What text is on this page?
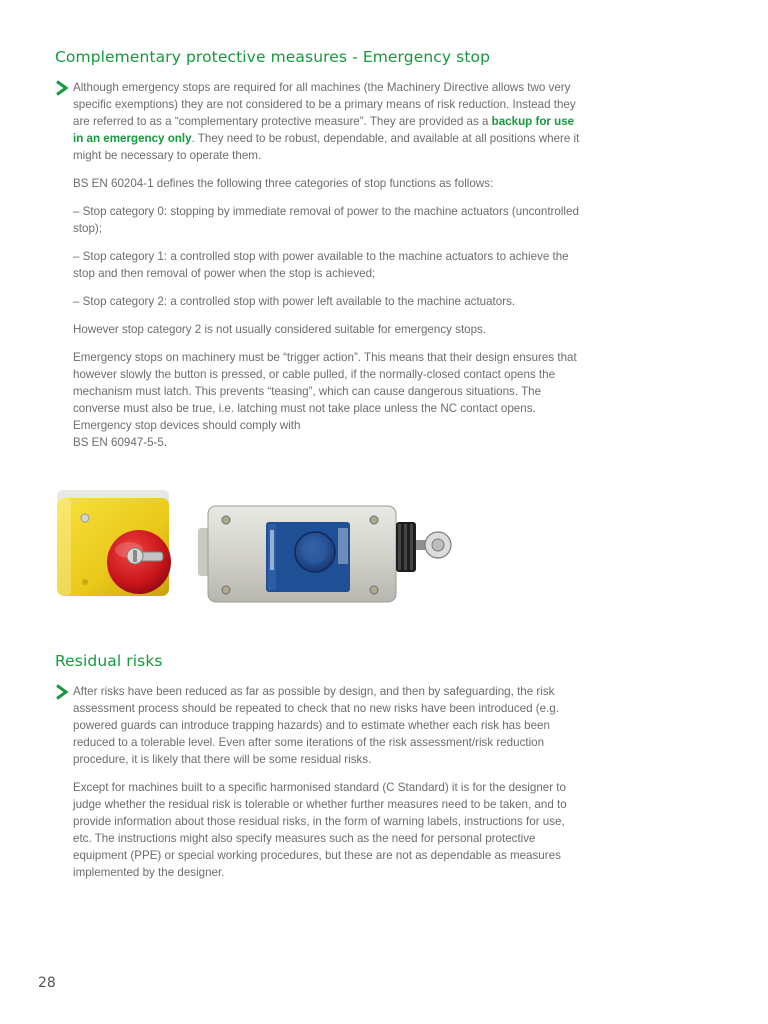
Complementary protective measures - Emergency stop

Although emergency stops are required for all machines (the Machinery Directive allows two very specific exemptions) they are not considered to be a primary means of risk reduction. Instead they are referred to as a “complementary protective measure”. They are provided as a backup for use in an emergency only. They need to be robust, dependable, and available at all positions where it might be necessary to operate them.

BS EN 60204-1 defines the following three categories of stop functions as follows:

– Stop category 0: stopping by immediate removal of power to the machine actuators (uncontrolled stop);

– Stop category 1: a controlled stop with power available to the machine actuators to achieve the stop and then removal of power when the stop is achieved;

– Stop category 2: a controlled stop with power left available to the machine actuators.

However stop category 2 is not usually considered suitable for emergency stops.

Emergency stops on machinery must be “trigger action”. This means that their design ensures that however slowly the button is pressed, or cable pulled, if the normally-closed contact opens the mechanism must latch. This prevents “teasing”, which can cause dangerous situations. The converse must also be true, i.e. latching must not take place unless the NC contact opens. Emergency stop devices should comply with
BS EN 60947-5-5.

Residual risks

After risks have been reduced as far as possible by design, and then by safeguarding, the risk assessment process should be repeated to check that no new risks have been introduced (e.g. powered guards can introduce trapping hazards) and to estimate whether each risk has been reduced to a tolerable level. Even after some iterations of the risk assessment/risk reduction procedure, it is likely that there will be some residual risks.

Except for machines built to a specific harmonised standard (C Standard) it is for the designer to judge whether the residual risk is tolerable or whether further measures need to be taken, and to provide information about those residual risks, in the form of warning labels, instructions for use, etc. The instructions might also specify measures such as the need for personal protective equipment (PPE) or special working procedures, but these are not as dependable as measures implemented by the designer.

28
